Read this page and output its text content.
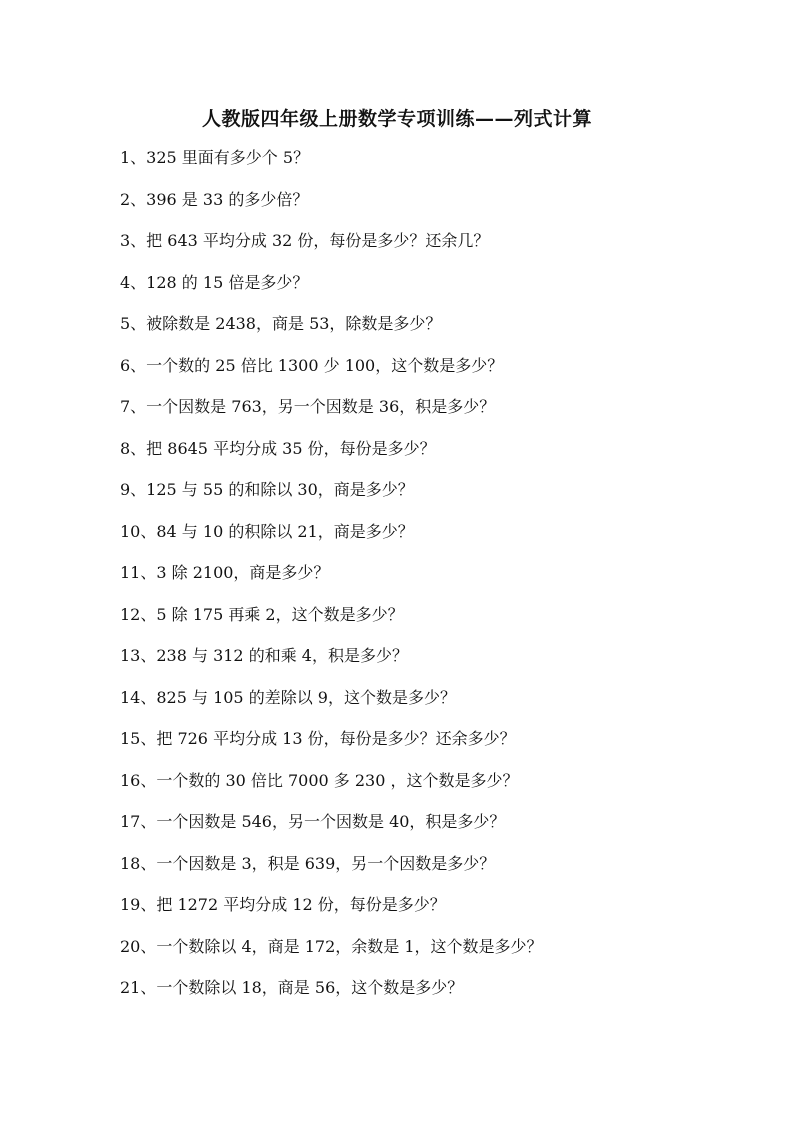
人教版四年级上册数学专项训练——列式计算
1、325 里面有多少个 5？
2、396 是 33 的多少倍？
3、把 643 平均分成 32 份，每份是多少？还余几？
4、128 的 15 倍是多少？
5、被除数是 2438，商是 53，除数是多少？
6、一个数的 25 倍比 1300 少 100，这个数是多少？
7、一个因数是 763，另一个因数是 36，积是多少？
8、把 8645 平均分成 35 份，每份是多少？
9、125 与 55 的和除以 30，商是多少？
10、84 与 10 的积除以 21，商是多少？
11、3 除 2100，商是多少？
12、5 除 175 再乘 2，这个数是多少？
13、238 与 312 的和乘 4，积是多少？
14、825 与 105 的差除以 9，这个数是多少？
15、把 726 平均分成 13 份，每份是多少？还余多少？
16、一个数的 30 倍比 7000 多 230 ，这个数是多少？
17、一个因数是 546，另一个因数是 40，积是多少？
18、一个因数是 3，积是 639，另一个因数是多少？
19、把 1272 平均分成 12 份，每份是多少？
20、一个数除以 4，商是 172，余数是 1，这个数是多少？
21、一个数除以 18，商是 56，这个数是多少？
